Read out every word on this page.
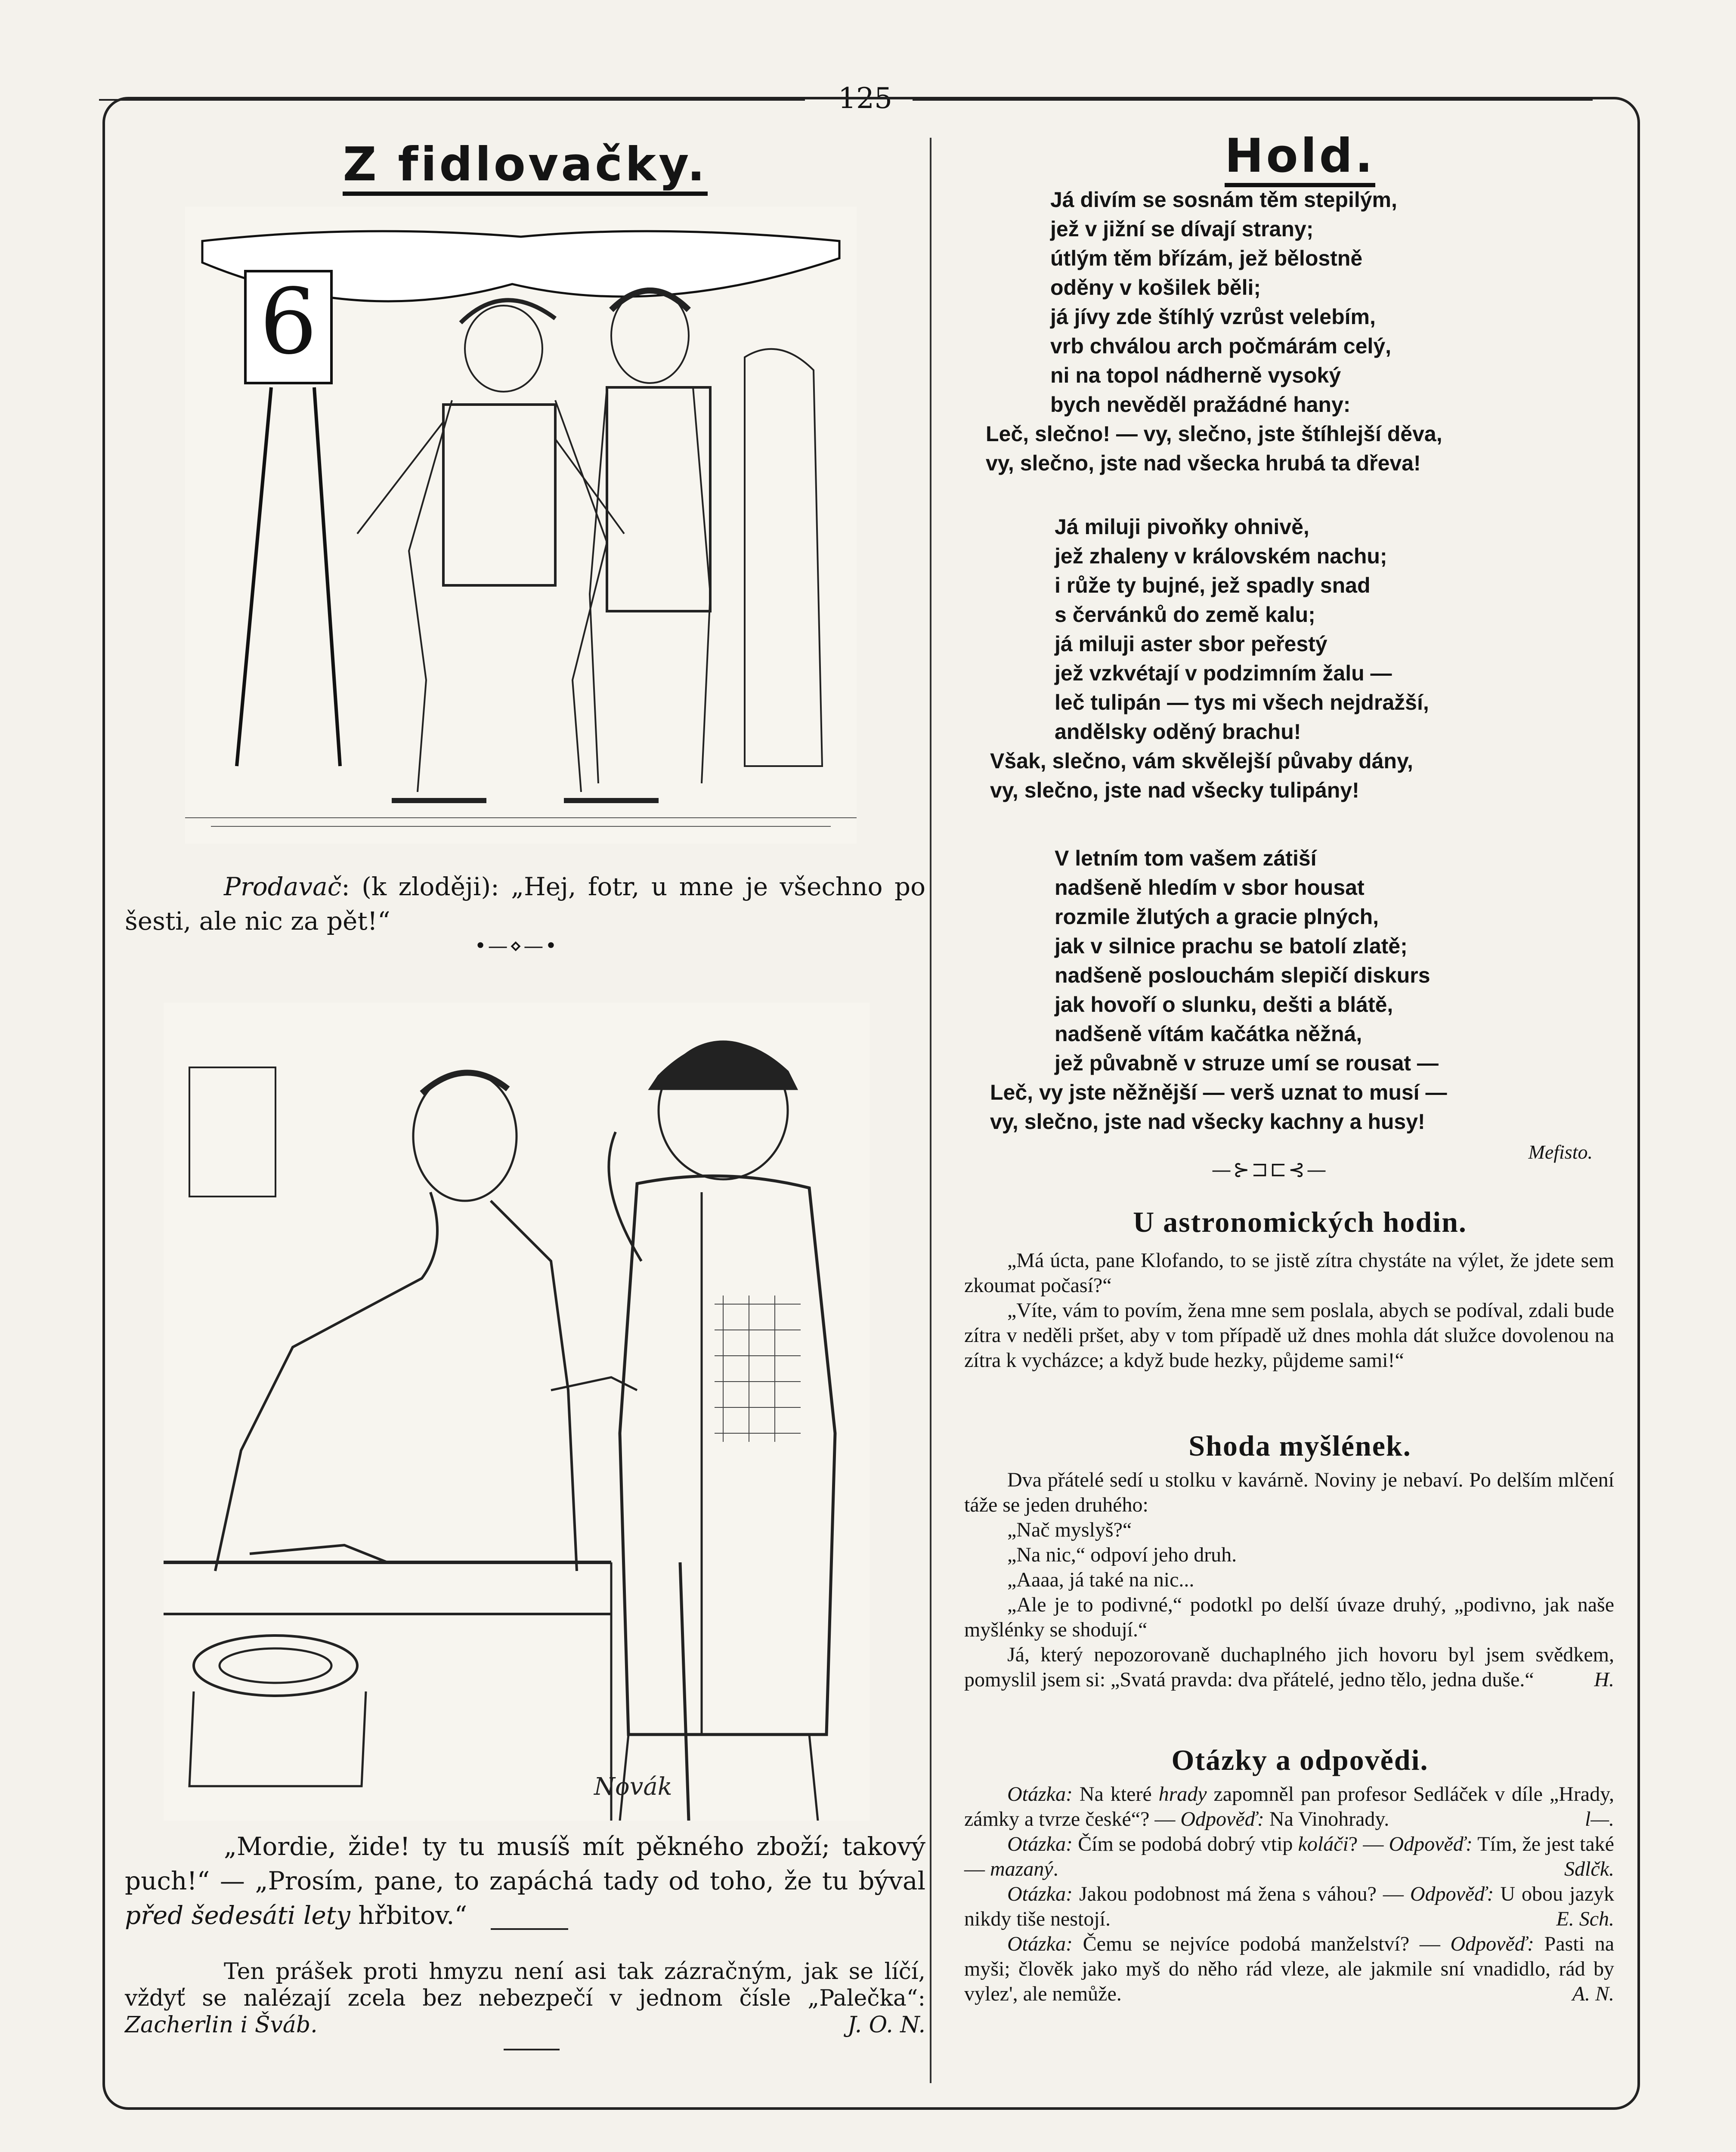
125
Z fidlovačky.
6
Prodavač: (k zloději): „Hej, fotr, u mne je všechno po šesti, ale nic za pět!“
•—⋄—•
Novák
„Mordie, žide! ty tu musíš mít pěkného zboží; takový puch!“ — „Prosím, pane, to zapáchá tady od toho, že tu býval před šedesáti lety hřbitov.“
Ten prášek proti hmyzu není asi tak zázračným, jak se líčí, vždyť se nalézají zcela bez nebezpečí v jednom čísle „Palečka“: Zacherlin i Šváb.	J. O. N.
Hold.
Já divím se sosnám těm stepilým,
jež v jižní se dívají strany;
útlým těm břízám, jež bělostně
oděny v košilek běli;
já jívy zde štíhlý vzrůst velebím,
vrb chválou arch počmárám celý,
ni na topol nádherně vysoký
bych nevěděl pražádné hany:
Leč, slečno! — vy, slečno, jste štíhlejší děva,
vy, slečno, jste nad všecka hrubá ta dřeva!
Já miluji pivoňky ohnivě,
jež zhaleny v královském nachu;
i růže ty bujné, jež spadly snad
s červánků do země kalu;
já miluji aster sbor peřestý
jež vzkvétají v podzimním žalu —
leč tulipán — tys mi všech nejdražší,
andělsky oděný brachu!
Však, slečno, vám skvělejší půvaby dány,
vy, slečno, jste nad všecky tulipány!
V letním tom vašem zátiší
nadšeně hledím v sbor housat
rozmile žlutých a gracie plných,
jak v silnice prachu se batolí zlatě;
nadšeně poslouchám slepičí diskurs
jak hovoří o slunku, dešti a blátě,
nadšeně vítám kačátka něžná,
jež půvabně v struze umí se rousat —
Leč, vy jste něžnější — verš uznat to musí —
vy, slečno, jste nad všecky kachny a husy!
Mefisto.
—⊱⊐⊏⊰—
U astronomických hodin.

„Má úcta, pane Klofando, to se jistě zítra chystáte na výlet, že jdete sem zkoumat počasí?“

„Víte, vám to povím, žena mne sem poslala, abych se podíval, zdali bude zítra v neděli pršet, aby v tom případě už dnes mohla dát služce dovolenou na zítra k vycházce; a když bude hezky, půjdeme sami!“

Shoda myšlének.

Dva přátelé sedí u stolku v kavárně. Noviny je nebaví. Po delším mlčení táže se jeden druhého:

„Nač myslyš?“

„Na nic,“ odpoví jeho druh.

„Aaaa, já také na nic...

„Ale je to podivné,“ podotkl po delší úvaze druhý, „podivno, jak naše myšlénky se shodují.“

Já, který nepozorovaně duchaplného jich hovoru byl jsem svědkem, pomyslil jsem si: „Svatá pravda: dva přátelé, jedno tělo, jedna duše.“	H.

Otázky a odpovědi.

Otázka: Na které hrady zapomněl pan profesor Sedláček v díle „Hrady, zámky a tvrze české“? — Odpověď: Na Vinohrady.	l—.

Otázka: Čím se podobá dobrý vtip koláči? — Odpověď: Tím, že jest také — mazaný.	Sdlčk.

Otázka: Jakou podobnost má žena s váhou? — Odpověď: U obou jazyk nikdy tiše nestojí.	E. Sch.

Otázka: Čemu se nejvíce podobá manželství? — Odpověď: Pasti na myši; člověk jako myš do něho rád vleze, ale jakmile sní vnadidlo, rád by vylez', ale nemůže.	A. N.
